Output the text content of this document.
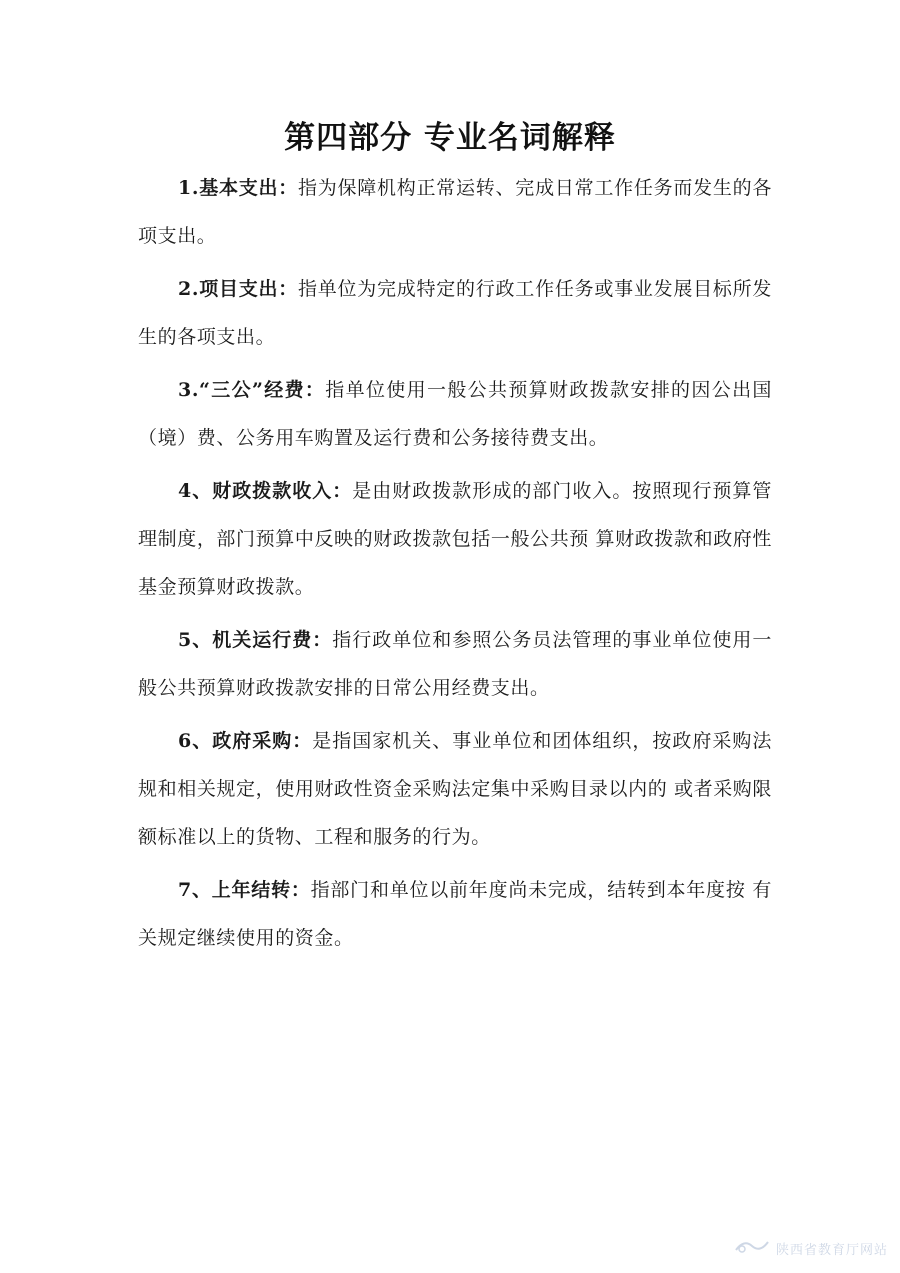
第四部分 专业名词解释

1.基本支出：指为保障机构正常运转、完成日常工作任务而发生的各项支出。

2.项目支出：指单位为完成特定的行政工作任务或事业发展目标所发生的各项支出。

3.“三公”经费：指单位使用一般公共预算财政拨款安排的因公出国（境）费、公务用车购置及运行费和公务接待费支出。

4、财政拨款收入：是由财政拨款形成的部门收入。按照现行预算管理制度，部门预算中反映的财政拨款包括一般公共预 算财政拨款和政府性基金预算财政拨款。

5、机关运行费：指行政单位和参照公务员法管理的事业单位使用一般公共预算财政拨款安排的日常公用经费支出。

6、政府采购：是指国家机关、事业单位和团体组织，按政府采购法规和相关规定，使用财政性资金采购法定集中采购目录以内的 或者采购限额标准以上的货物、工程和服务的行为。

7、上年结转：指部门和单位以前年度尚未完成，结转到本年度按 有关规定继续使用的资金。

陕西省教育厅网站
